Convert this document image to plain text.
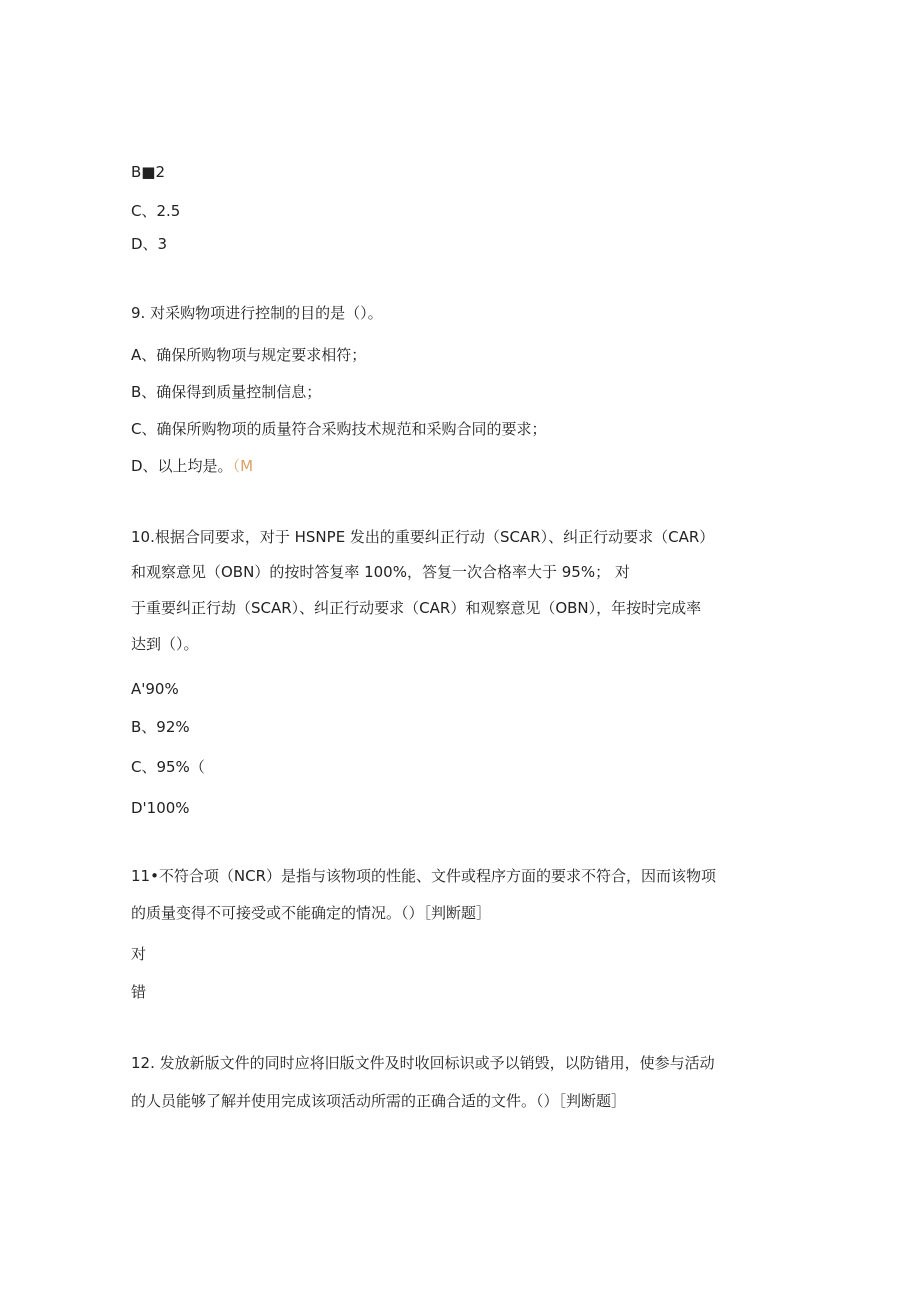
B■2
C、2.5
D、3
9. 对采购物项进行控制的目的是（）。
A、确保所购物项与规定要求相符；
B、确保得到质量控制信息；
C、确保所购物项的质量符合采购技术规范和采购合同的要求；
D、以上均是。（M
10.根据合同要求，对于 HSNPE 发出的重要纠正行动（SCAR）、纠正行动要求（CAR）
和观察意见（OBN）的按时答复率 100%，答复一次合格率大于 95%； 对
于重要纠正行劫（SCAR）、纠正行动要求（CAR）和观察意见（OBN），年按时完成率
达到（）。
A'90%
B、92%
C、95%（
D'100%
11•不符合项（NCR）是指与该物项的性能、文件或程序方面的要求不符合，因而该物项
的质量变得不可接受或不能确定的情况。（）［判断题］
对
错
12. 发放新版文件的同时应将旧版文件及时收回标识或予以销毁，以防错用，使参与活动
的人员能够了解并使用完成该项活动所需的正确合适的文件。（）［判断题］
